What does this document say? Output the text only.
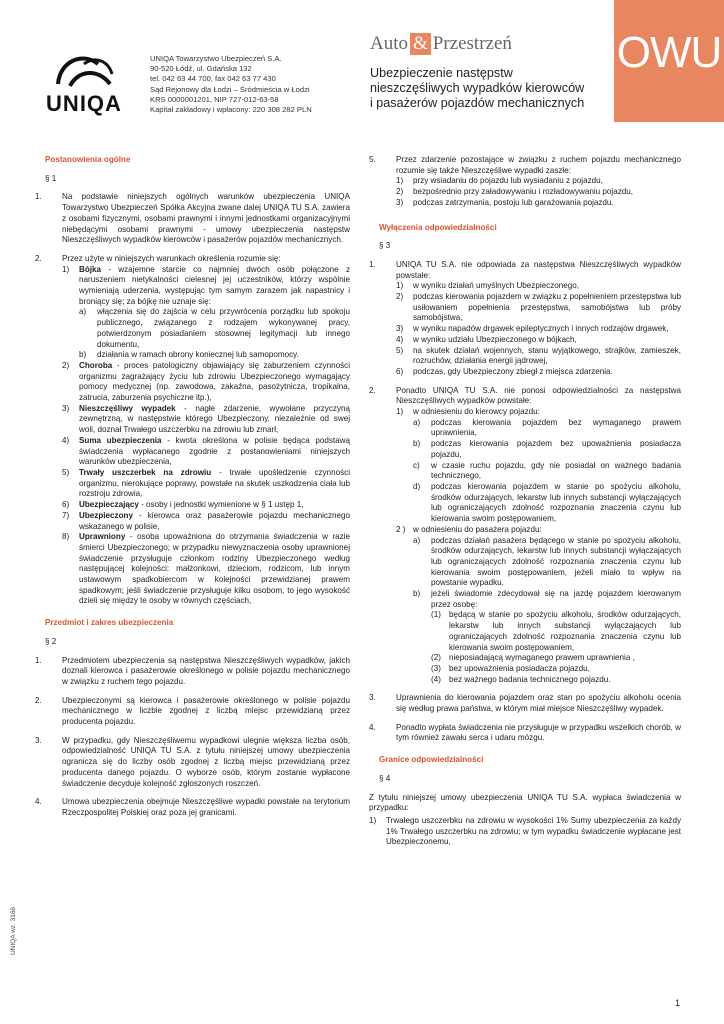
OWU
UNIQA
UNIQA Towarzystwo Ubezpieczeń S.A.
90-520 Łódź, ul. Gdańska 132
tel. 042 63 44 700, fax 042 63 77 430
Sąd Rejonowy dla Łodzi – Śródmieścia w Łodzi
KRS 0000001201, NIP 727-012-63-58
Kapitał zakładowy i wpłacony: 220 308 282 PLN
Auto & Przestrzeń
Ubezpieczenie następstw
nieszczęśliwych wypadków kierowców
i pasażerów pojazdów mechanicznych
Postanowienia ogólne
§ 1
1.	Na podstawie niniejszych ogólnych warunków ubezpieczenia UNIQA Towarzystwo Ubezpieczeń Spółka Akcyjna zwane dalej UNIQA TU S.A. zawiera z osobami fizycznymi, osobami prawnymi i innymi jednostkami organizacyjnymi niebędącymi osobami prawnymi - umowy ubezpieczenia następstw Nieszczęśliwych wypadków kierowców i pasażerów pojazdów mechanicznych.
2.	Przez użyte w niniejszych warunkach określenia rozumie się:
1)	Bójka - wzajemne starcie co najmniej dwóch osób połączone z naruszeniem nietykalności cielesnej jej uczestników, którzy wspólnie wymieniają uderzenia, występując tym samym zarazem jak napastnicy i broniący się; za bójkę nie uznaje się:
a)	włączenia się do zajścia w celu przywrócenia porządku lub spokoju publicznego, związanego z rodzajem wykonywanej pracy, potwierdzonym posiadaniem stosownej legitymacji lub innego dokumentu,
b)	działania w ramach obrony koniecznej lub samopomocy.
2)	Choroba - proces patologiczny objawiający się zaburzeniem czynności organizmu zagrażający życiu lub zdrowiu Ubezpieczonego wymagający pomocy medycznej (np. zawodowa, zakaźna, pasożytnicza, tropikalna, zatrucia, zaburzenia psychiczne itp.),
3)	Nieszczęśliwy wypadek - nagłe zdarzenie, wywołane przyczyną zewnętrzną, w następstwie którego Ubezpieczony, niezależnie od swej woli, doznał Trwałego uszczerbku na zdrowiu lub zmarł,
4)	Suma ubezpieczenia - kwota określona w polisie będąca podstawą świadczenia wypłacanego zgodnie z postanowieniami niniejszych warunków ubezpieczenia,
5)	Trwały uszczerbek na zdrowiu - trwałe upośledzenie czynności organizmu, nierokujące poprawy, powstałe na skutek uszkodzenia ciała lub rozstroju zdrowia,
6)	Ubezpieczający - osoby i jednostki wymienione w § 1 ustęp 1,
7)	Ubezpieczony - kierowca oraz pasażerowie pojazdu mechanicznego wskazanego w polisie,
8)	Uprawniony - osoba upoważniona do otrzymania świadczenia w razie śmierci Ubezpieczonego; w przypadku niewyznaczenia osoby uprawnionej świadczenie przysługuje członkom rodziny Ubezpieczonego według następującej kolejności: małżonkowi, dzieciom, rodzicom, lub innym ustawowym spadkobiercom w kolejności przewidzianej prawem spadkowym; jeśli świadczenie przysługuje kilku osobom, to jego wysokość dzieli się między te osoby w równych częściach,
Przedmiot i zakres ubezpieczenia
§ 2
1.	Przedmiotem ubezpieczenia są następstwa Nieszczęśliwych wypadków, jakich doznali kierowca i pasażerowie określonego w polisie pojazdu mechanicznego w związku z ruchem tego pojazdu.
2.	Ubezpieczonymi są kierowca i pasażerowie określonego w polisie pojazdu mechanicznego w liczbie zgodnej z liczbą miejsc przewidzianą przez producenta pojazdu.
3.	W przypadku, gdy Nieszczęśliwemu wypadkowi ulegnie większa liczba osób, odpowiedzialność UNIQA TU S.A. z tytułu niniejszej umowy ubezpieczenia ogranicza się do liczby osób zgodnej z liczbą miejsc przewidzianą przez producenta danego pojazdu. O wyborze osób, którym zostanie wypłacone świadczenie decyduje kolejność zgłoszonych roszczeń.
4.	Umowa ubezpieczenia obejmuje Nieszczęśliwe wypadki powstałe na terytorium Rzeczpospolitej Polskiej oraz poza jej granicami.
5.	Przez zdarzenie pozostające w związku z ruchem pojazdu mechanicznego rozumie się także Nieszczęśliwe wypadki zaszłe:
1)	przy wsiadaniu do pojazdu lub wysiadaniu z pojazdu,
2)	bezpośrednio przy załadowywaniu i rozładowywaniu pojazdu,
3)	podczas zatrzymania, postoju lub garażowania pojazdu.
Wyłączenia odpowiedzialności
§ 3
1.	UNIQA TU S.A. nie odpowiada za następstwa Nieszczęśliwych wypadków powstałe:
1)	w wyniku działań umyślnych Ubezpieczonego,
2)	podczas kierowania pojazdem w związku z popełnieniem przestępstwa lub usiłowaniem popełnienia przestępstwa, samobójstwa lub próby samobójstwa,
3)	w wyniku napadów drgawek epileptycznych i innych rodzajów drgawek,
4)	w wyniku udziału Ubezpieczonego w bójkach,
5)	na skutek działań wojennych, stanu wyjątkowego, strajków, zamieszek, rozruchów, działania energii jądrowej,
6)	podczas, gdy Ubezpieczony zbiegł z miejsca zdarzenia.
2.	Ponadto UNIQA TU S.A. nie ponosi odpowiedzialności za następstwa Nieszczęśliwych wypadków powstałe:
1)	w odniesieniu do kierowcy pojazdu:
a)	podczas kierowania pojazdem bez wymaganego prawem uprawnienia,
b)	podczas kierowania pojazdem bez upoważnienia posiadacza pojazdu,
c)	w czasie ruchu pojazdu, gdy nie posiadał on ważnego badania technicznego,
d)	podczas kierowania pojazdem w stanie po spożyciu alkoholu, środków odurzających, lekarstw lub innych substancji wyłączających lub ograniczających zdolność rozpoznania znaczenia czynu lub kierowania swoim postępowaniem,
2 ) w odniesieniu do pasażera pojazdu:
a)	podczas działań pasażera będącego w stanie po spożyciu alkoholu, środków odurzających, lekarstw lub innych substancji wyłączających lub ograniczających zdolność rozpoznania znaczenia czynu lub kierowania swoim postępowaniem, jeżeli miało to wpływ na powstanie wypadku,
b)	jeżeli świadomie zdecydował się na jazdę pojazdem kierowanym przez osobę:
(1) będącą w stanie po spożyciu alkoholu, środków odurzających, lekarstw lub innych substancji wyłączających lub ograniczających zdolność rozpoznania znaczenia czynu lub kierowania swoim postępowaniem,
(2) nieposiadającą wymaganego prawem uprawnienia ,
(3) bez upoważnienia posiadacza pojazdu,
(4) bez ważnego badania technicznego pojazdu.
3.	Uprawnienia do kierowania pojazdem oraz stan po spożyciu alkoholu ocenia się według prawa państwa, w którym miał miejsce Nieszczęśliwy wypadek.
4.	Ponadto wypłata świadczenia nie przysługuje w przypadku wszelkich chorób, w tym również zawału serca i udaru mózgu.
Granice odpowiedzialności
§ 4
Z tytułu niniejszej umowy ubezpieczenia UNIQA TU S.A. wypłaca świadczenia w przypadku:
1)	Trwałego uszczerbku na zdrowiu w wysokości 1% Sumy ubezpieczenia za każdy 1% Trwałego uszczerbku na zdrowiu; w tym wypadku świadczenie wypłacane jest Ubezpieczonemu,
UNIQA wz. 3166
1
